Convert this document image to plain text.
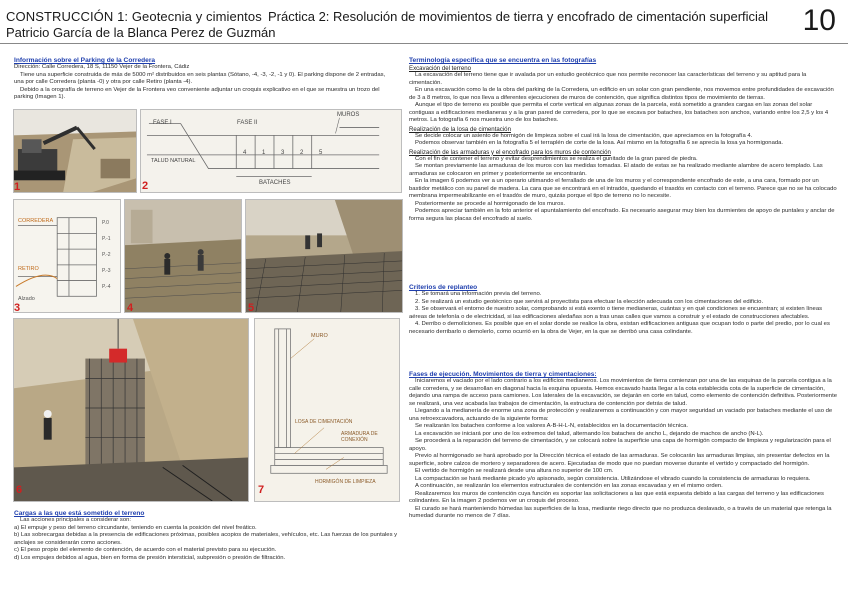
CONSTRUCCIÓN 1: Geotecnia y cimientos
Patricio García de la Blanca Perez de Guzmán
Práctica 2: Resolución de movimientos de tierra y encofrado de cimentación superficial 10
Información sobre el Parking de la Corredera

Dirección: Calle Corredera, 18 S, 11150 Vejer de la Frontera, Cádiz

Tiene una superficie construida de más de 5000 m² distribuidos en seis plantas (Sótano, -4, -3, -2, -1 y 0). El parking dispone de 2 entradas, una por calle Corredera (planta -0) y otra por calle Retiro (planta -4).

Debido a la orografía de terreno en Vejer de la Frontera veo conveniente adjuntar un croquis explicativo en el que se muestra un trozo del parking (Imagen 1).

1
FASE I	FASE II
MUROS
TALUD NATURAL
4	1	3	2	5
BATACHES
2
CORREDERA	P.0
P.-1
P.-2
P.-3
P.-4
RETIRO
Alzado
3	4	5
6
MURO
LOSA DE CIMENTACIÓN
ARMADURA DE CONEXIÓN
HORMIGÓN DE LIMPIEZA
7
Cargas a las que está sometido el terreno

Las acciones principales a considerar son:

a) El empuje y peso del terreno circundante, teniendo en cuenta la posición del nivel freático.

b) Las sobrecargas debidas a la presencia de edificaciones próximas, posibles acopios de materiales, vehículos, etc. Las fuerzas de los puntales y anclajes se considerarán como acciones.

c) El peso propio del elemento de contención, de acuerdo con el material previsto para su ejecución.

d) Los empujes debidos al agua, bien en forma de presión intersticial, subpresión o presión de filtración.

Terminología específica que se encuentra en las fotografías
Excavación del terreno

La excavación del terreno tiene que ir avalada por un estudio geotécnico que nos permite reconocer las características del terreno y su aptitud para la cimentación.

En una excavación como la de la obra del parking de la Corredera, un edificio en un solar con gran pendiente, nos movemos entre profundidades de excavación de 3 a 8 metros, lo que nos lleva a diferentes ejecuciones de muros de contención, que significa distintos tipos de movimiento de tierras.

Aunque el tipo de terreno es posible que permita el corte vertical en algunas zonas de la parcela, está sometido a grandes cargas en las zonas del solar contiguas a edificaciones medianeras y a la gran pared de corredera, por lo que se excava por bataches, los bataches son anchos, variando entre los 2,5 y los 4 metros. La fotografía 6 nos muestra uno de los bataches.

Realización de la losa de cimentación

Se decide colocar un asiento de hormigón de limpieza sobre el cual irá la losa de cimentación, que apreciamos en la fotografía 4.

Podemos observar también en la fotografía 5 el terraplén de corte de la losa. Así mismo en la fotografía 6 se aprecia la losa ya hormigonada.

Realización de las armaduras y el encofrado para los muros de contención

Con el fin de contener el terreno y evitar desprendimientos se realiza el gunitado de la gran pared de piedra.

Se montan previamente las armaduras de los muros con las medidas tomadas. El atado de estas se ha realizado mediante alambre de acero templado. Las armaduras se colocaron en primer y posteriormente se encontrarán.

En la imagen 6 podemos ver a un operario ultimando el ferrallado de una de los muros y el correspondiente encofrado de este, a una cara, formado por un bastidor metálico con su panel de madera. La cara que se encontrará en el intradós, quedando el trasdós en contacto con el terreno. Parece que no se ha colocado membrana impermeabilizante en el trasdós de muro, quizás porque el tipo de terreno no lo necesite.

Posteriormente se procede al hormigonado de los muros.

Podemos apreciar también en la foto anterior el apuntalamiento del encofrado. Es necesario asegurar muy bien los durmientes de apoyo de puntales y anclar de forma segura las placas del encofrado al suelo.

Criterios de replanteo

1. Se tomará una información previa del terreno.

2. Se realizará un estudio geotécnico que servirá al proyectista para efectuar la elección adecuada con los cimentaciones del edificio.

3. Se observará el entorno de nuestro solar, comprobando si está exento o tiene medianeras, cuántas y en qué condiciones se encuentran; si existen líneas aéreas de telefonía o de electricidad, si las edificaciones aledañas son a tras unas calles que vamos a construir y el estado de construcciones afectables.

4. Derribo o demoliciones. Es posible que en el solar donde se realice la obra, existan edificaciones antiguas que ocupan todo o parte del predio, por lo cual es necesario derribarlo o demolerlo, como ocurrió en la obra de Vejer, en la que se derribó una casa colindante.

Fases de ejecución. Movimientos de tierra y cimentaciones:

Iniciaremos el vaciado por el lado contrario a los edificios medianeros. Los movimientos de tierra comienzan por una de las esquinas de la parcela contigua a la calle corredera, y se desarrollan en diagonal hacia la esquina opuesta. Hemos excavado hasta llegar a la cota establecida cota de la superficie de cimentación, dejando una rampa de acceso para camiones. Los laterales de la excavación, se dejarán en corte en talud, como elemento de contención definitiva. Posteriormente se realizará, una vez acabada las trabajos de cimentación, la estructura de contención por detrás de talud.

Llegando a la medianería de enorme una zona de protección y realizaremos a continuación y con mayor seguridad un vaciado por bataches mediante el uso de una retroexcavadora, actuando de la siguiente forma:

Se realizarán los bataches conforme a los valores A-B-H-L-N, establecidos en la documentación técnica.

La excavación se iniciará por uno de los extremos del talud, alternando los bataches de ancho L, dejando de machos de ancho (N-L).

Se procederá a la reparación del terreno de cimentación, y se colocará sobre la superficie una capa de hormigón compacto de limpieza y regularización para el apoyo.

Previo al hormigonado se hará aprobado por la Dirección técnica el estado de las armaduras. Se colocarán las armaduras limpias, sin presentar defectos en la superficie, sobre calzos de mortero y separadores de acero. Ejecutadas de modo que no puedan moverse durante el vertido y compactado del hormigón.

El vertido de hormigón se realizará desde una altura no superior de 100 cm.

La compactación se hará mediante picado y/o apisonado, según consistencia. Utilizándose el vibrado cuando la consistencia de armaduras lo requiera.

A continuación, se realizarán los elementos estructurales de contención en las zonas excavadas y en el mismo orden.

Realizaremos los muros de contención cuya función es soportar las solicitaciones a las que está expuesta debido a las cargas del terreno y las edificaciones colindantes. En la imagen 2 podemos ver un croquis del proceso.

El curado se hará manteniendo húmedas las superficies de la losa, mediante riego directo que no produzca deslavado, o a través de un material que retenga la humedad durante no menos de 7 días.
